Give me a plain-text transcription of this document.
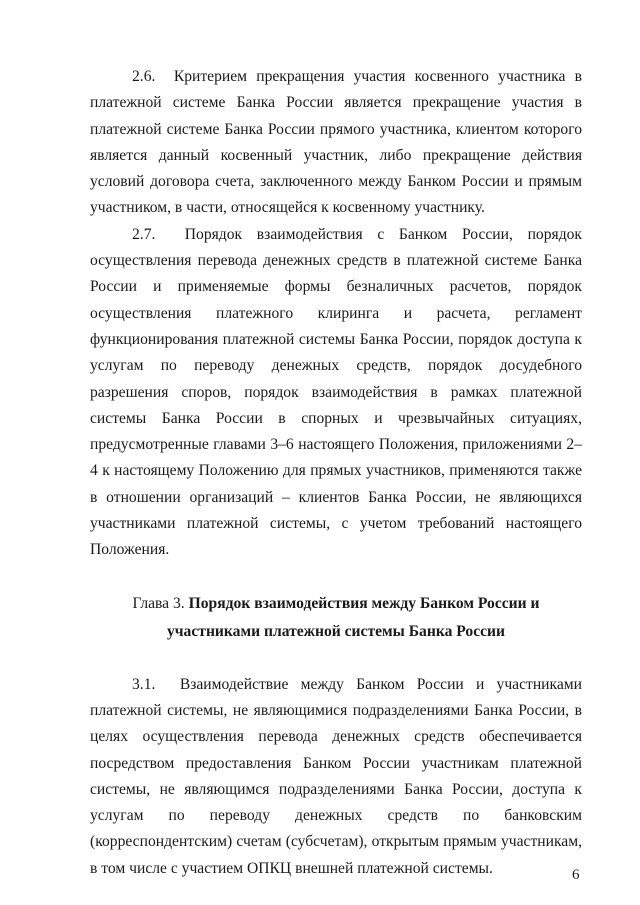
2.6. Критерием прекращения участия косвенного участника в платежной системе Банка России является прекращение участия в платежной системе Банка России прямого участника, клиентом которого является данный косвенный участник, либо прекращение действия условий договора счета, заключенного между Банком России и прямым участником, в части, относящейся к косвенному участнику.

2.7. Порядок взаимодействия с Банком России, порядок осуществления перевода денежных средств в платежной системе Банка России и применяемые формы безналичных расчетов, порядок осуществления платежного клиринга и расчета, регламент функционирования платежной системы Банка России, порядок доступа к услугам по переводу денежных средств, порядок досудебного разрешения споров, порядок взаимодействия в рамках платежной системы Банка России в спорных и чрезвычайных ситуациях, предусмотренные главами 3–6 настоящего Положения, приложениями 2–4 к настоящему Положению для прямых участников, применяются также в отношении организаций – клиентов Банка России, не являющихся участниками платежной системы, с учетом требований настоящего Положения.

Глава 3. Порядок взаимодействия между Банком России и участниками платежной системы Банка России

3.1. Взаимодействие между Банком России и участниками платежной системы, не являющимися подразделениями Банка России, в целях осуществления перевода денежных средств обеспечивается посредством предоставления Банком России участникам платежной системы, не являющимся подразделениями Банка России, доступа к услугам по переводу денежных средств по банковским (корреспондентским) счетам (субсчетам), открытым прямым участникам, в том числе с участием ОПКЦ внешней платежной системы.	6
